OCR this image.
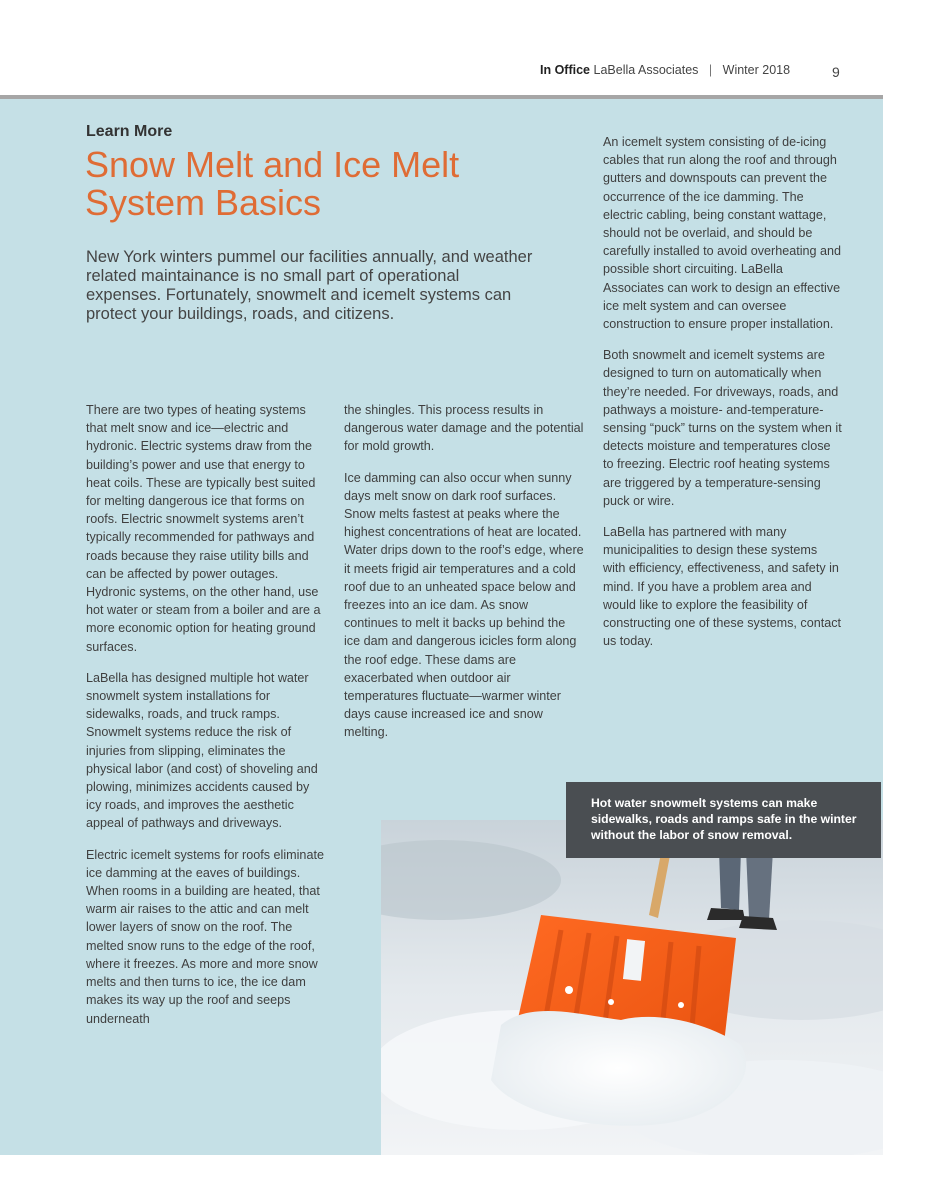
In Office LaBella Associates | Winter 2018	9
Learn More
Snow Melt and Ice Melt System Basics
New York winters pummel our facilities annually, and weather related maintainance is no small part of operational expenses. Fortunately, snowmelt and icemelt systems can protect your buildings, roads, and citizens.

There are two types of heating systems that melt snow and ice—electric and hydronic. Electric systems draw from the building’s power and use that energy to heat coils. These are typically best suited for melting dangerous ice that forms on roofs. Electric snowmelt systems aren’t typically recommended for pathways and roads because they raise utility bills and can be affected by power outages. Hydronic systems, on the other hand, use hot water or steam from a boiler and are a more economic option for heating ground surfaces.

LaBella has designed multiple hot water snowmelt system installations for sidewalks, roads, and truck ramps. Snowmelt systems reduce the risk of injuries from slipping, eliminates the physical labor (and cost) of shoveling and plowing, minimizes accidents caused by icy roads, and improves the aesthetic appeal of pathways and driveways.

Electric icemelt systems for roofs eliminate ice damming at the eaves of buildings. When rooms in a building are heated, that warm air raises to the attic and can melt lower layers of snow on the roof. The melted snow runs to the edge of the roof, where it freezes. As more and more snow melts and then turns to ice, the ice dam makes its way up the roof and seeps underneath

the shingles. This process results in dangerous water damage and the potential for mold growth.

Ice damming can also occur when sunny days melt snow on dark roof surfaces. Snow melts fastest at peaks where the highest concentrations of heat are located. Water drips down to the roof’s edge, where it meets frigid air temperatures and a cold roof due to an unheated space below and freezes into an ice dam. As snow continues to melt it backs up behind the ice dam and dangerous icicles form along the roof edge. These dams are exacerbated when outdoor air temperatures fluctuate—warmer winter days cause increased ice and snow melting.

An icemelt system consisting of de-icing cables that run along the roof and through gutters and downspouts can prevent the occurrence of the ice damming. The electric cabling, being constant wattage, should not be overlaid, and should be carefully installed to avoid overheating and possible short circuiting. LaBella Associates can work to design an effective ice melt system and can oversee construction to ensure proper installation.

Both snowmelt and icemelt systems are designed to turn on automatically when they’re needed. For driveways, roads, and pathways a moisture- and-temperature- sensing “puck” turns on the system when it detects moisture and temperatures close to freezing. Electric roof heating systems are triggered by a temperature-sensing puck or wire.

LaBella has partnered with many municipalities to design these systems with efficiency, effectiveness, and safety in mind. If you have a problem area and would like to explore the feasibility of constructing one of these systems, contact us today.

Hot water snowmelt systems can make sidewalks, roads and ramps safe in the winter without the labor of snow removal.
